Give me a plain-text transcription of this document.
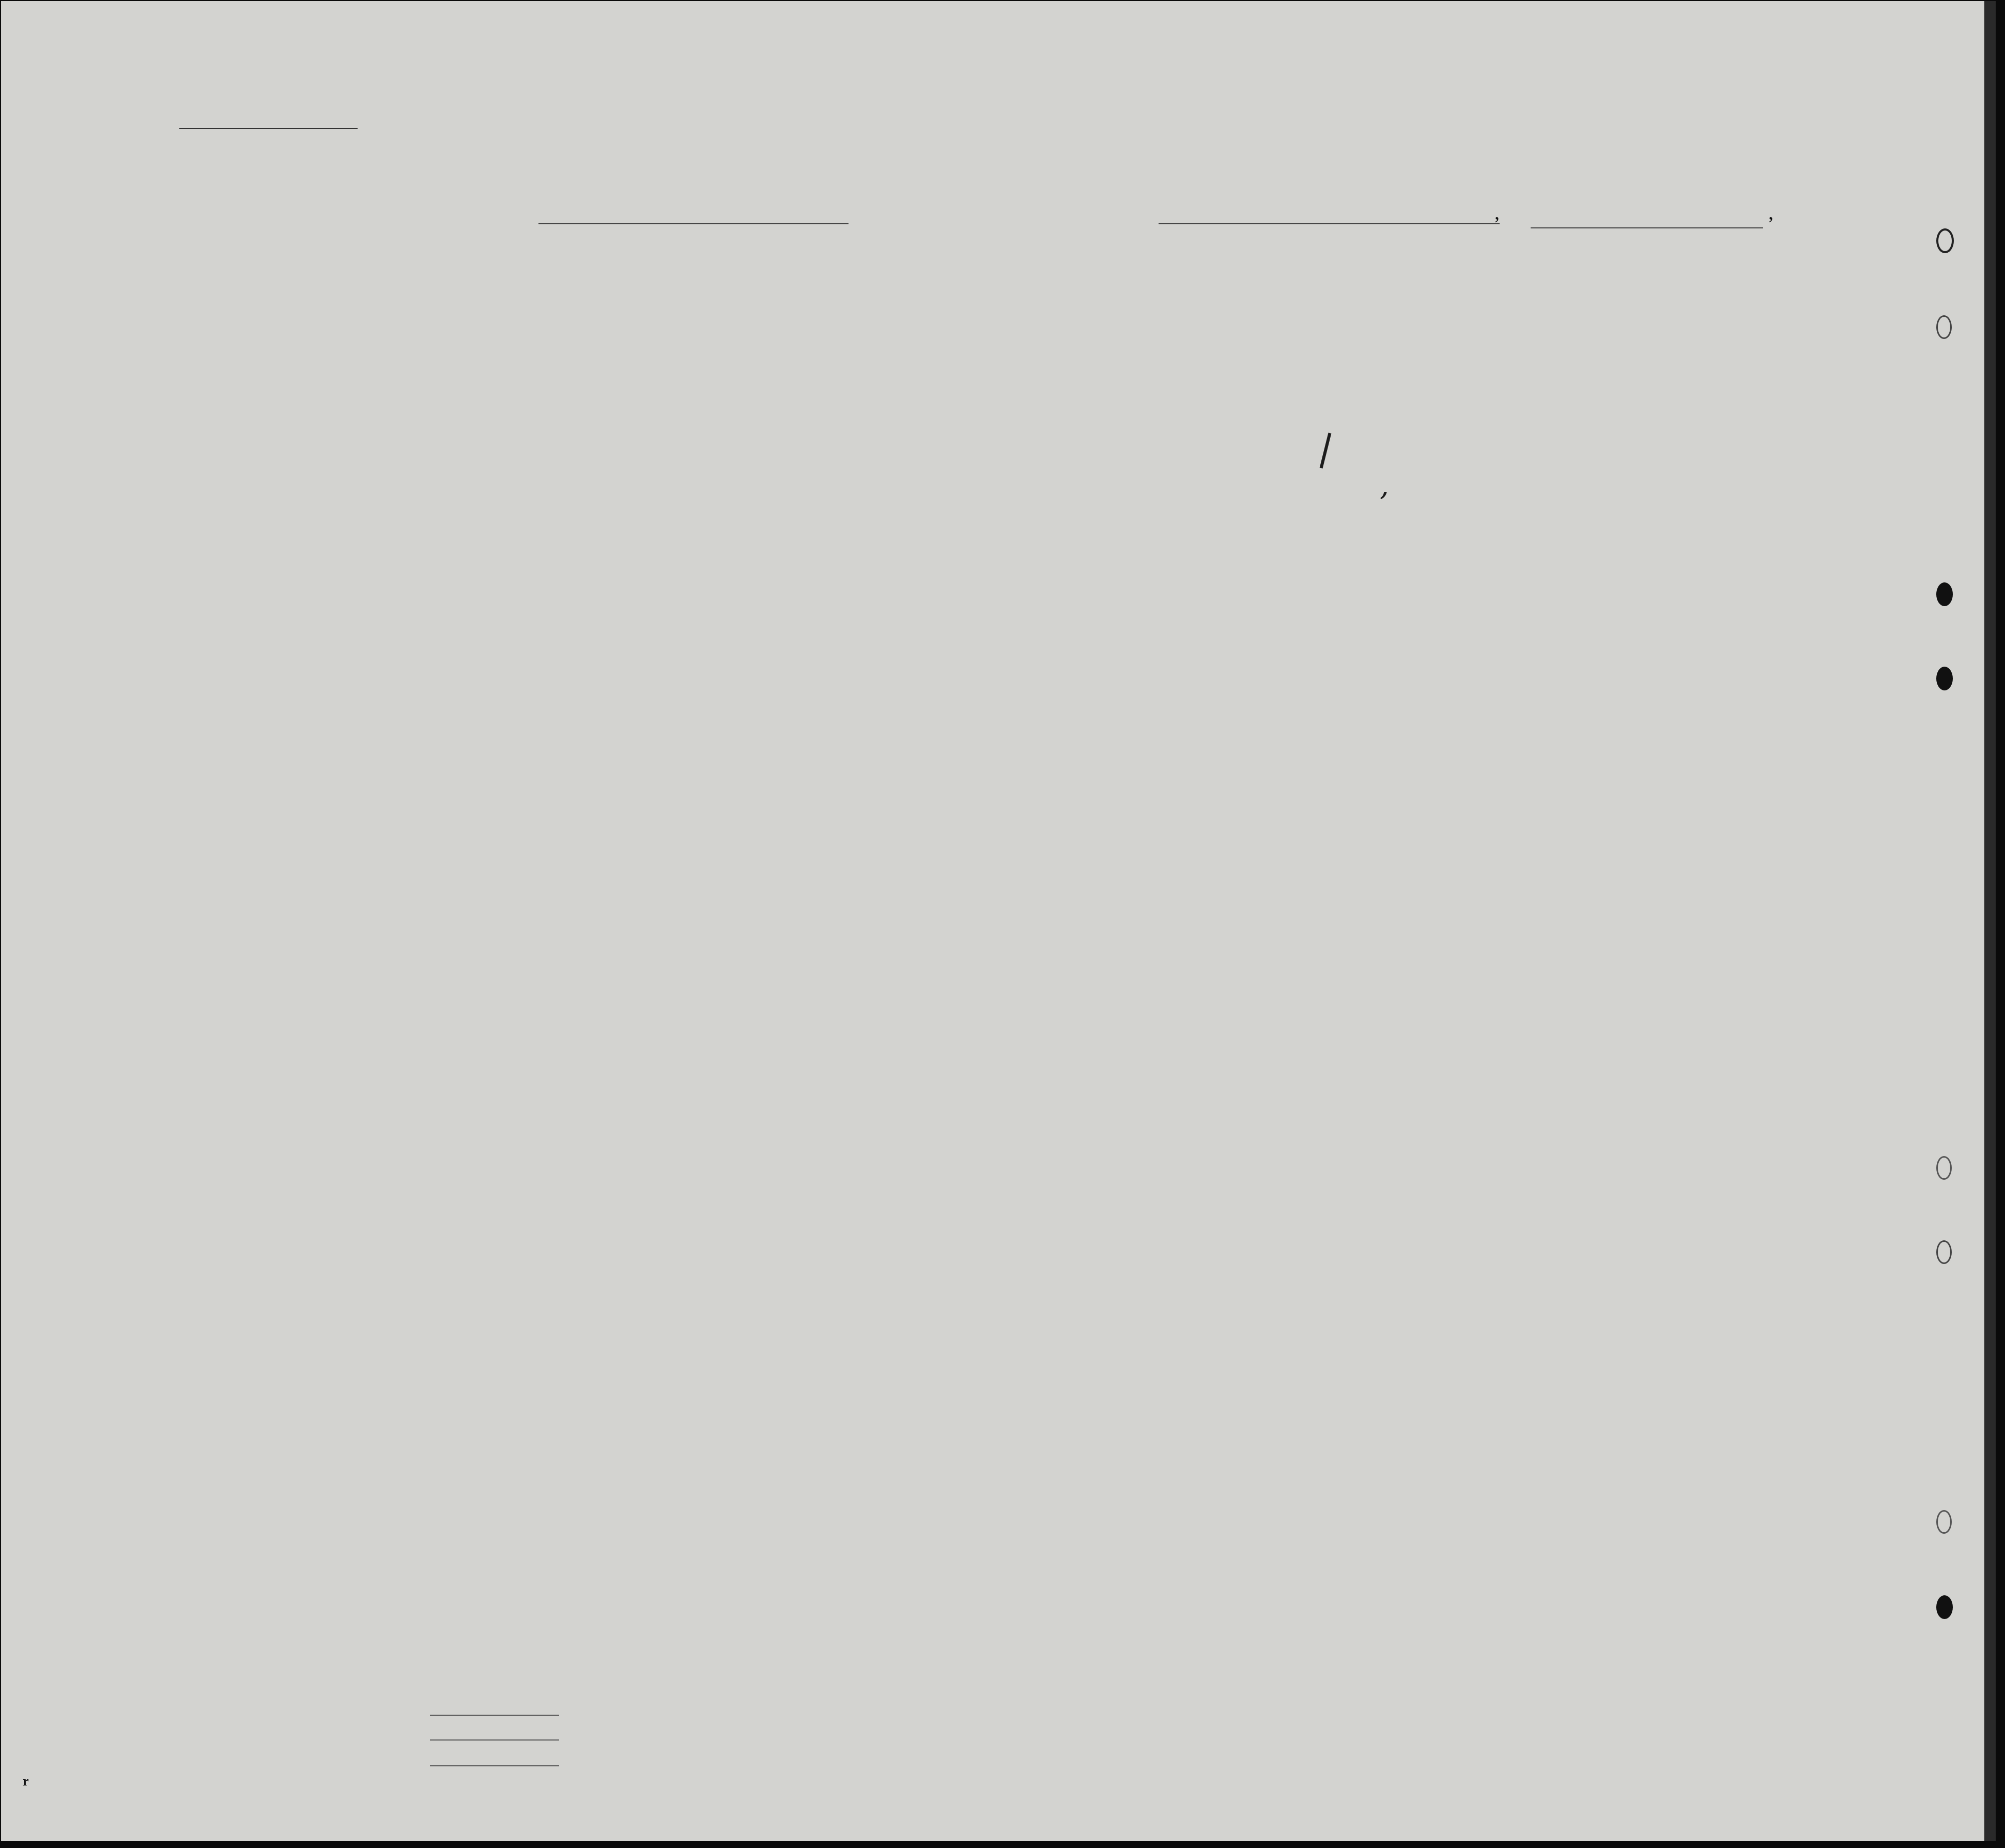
,	,
,
r
